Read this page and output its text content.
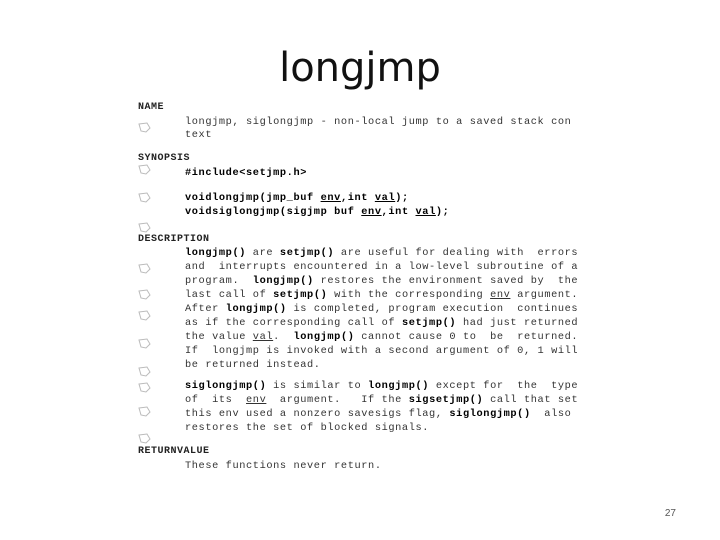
longjmp
NAME
longjmp, siglongjmp - non-local jump to a saved stack con
text
SYNOPSIS
#include<setjmp.h>
voidlongjmp(jmp_buf env,int val);
voidsiglongjmp(sigjmp buf env,int val);
DESCRIPTION
longjmp() are setjmp() are useful for dealing with  errors
and  interrupts encountered in a low-level subroutine of a
program.  longjmp() restores the environment saved by  the
last call of setjmp() with the corresponding env argument.
After longjmp() is completed, program execution  continues
as if the corresponding call of setjmp() had just returned
the value val.  longjmp() cannot cause 0 to  be  returned.
If  longjmp is invoked with a second argument of 0, 1 will
be returned instead.
siglongjmp() is similar to longjmp() except for  the  type
of  its  env  argument.   If the sigsetjmp() call that set
this env used a nonzero savesigs flag, siglongjmp()  also
restores the set of blocked signals.
RETURNVALUE
These functions never return.
27
